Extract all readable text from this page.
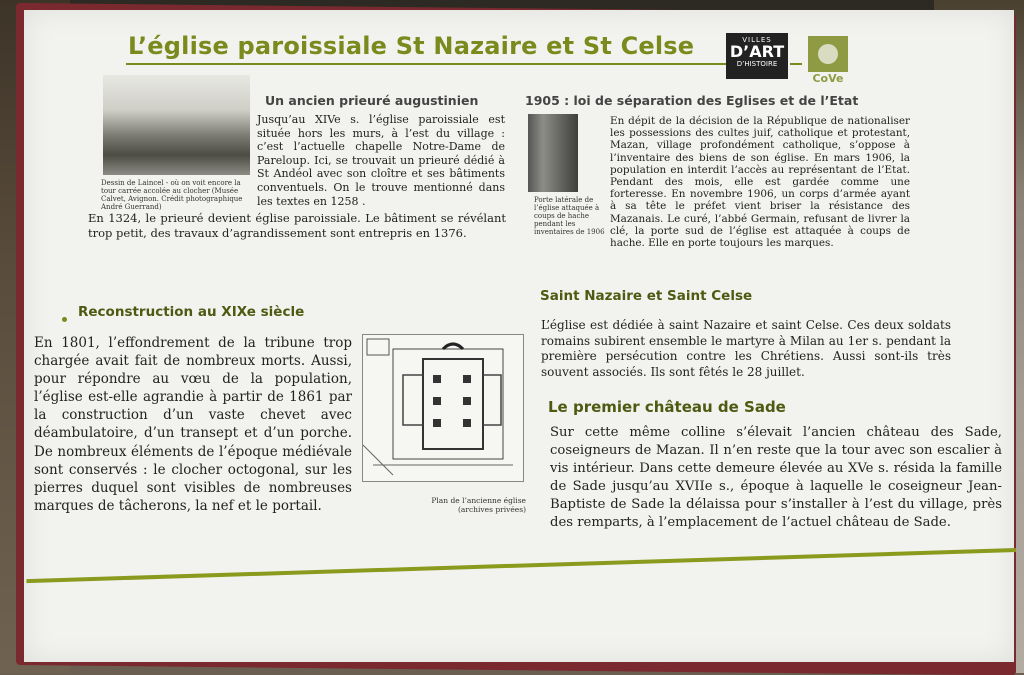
L’église paroissiale St Nazaire et St Celse	VILLES
D’ART
D’HISTOIRE
CoVe
Dessin de Laincel - où on voit encore la tour carrée accolée au clocher (Musée Calvet, Avignon. Crédit photographique André Guerrand)
Un ancien prieuré augustinien
Jusqu’au XIVe s. l’église paroissiale est située hors les murs, à l’est du village : c’est l’actuelle chapelle Notre-Dame de Pareloup. Ici, se trouvait un prieuré dédié à St Andéol avec son cloître et ses bâtiments conventuels. On le trouve mentionné dans les textes en 1258 .
En 1324, le prieuré devient église paroissiale. Le bâtiment se révélant trop petit, des travaux d’agrandissement sont entrepris en 1376.
1905 : loi de séparation des Eglises et de l’Etat
Porte latérale de l’église attaquée à coups de hache pendant les inventaires de 1906
En dépit de la décision de la République de nationaliser les possessions des cultes juif, catholique et protestant, Mazan, village profondément catholique, s’oppose à l’inventaire des biens de son église. En mars 1906, la population en interdit l’accès au représentant de l’Etat. Pendant des mois, elle est gardée comme une forteresse. En novembre 1906, un corps d’armée ayant à sa tête le préfet vient briser la résistance des Mazanais. Le curé, l’abbé Germain, refusant de livrer la clé, la porte sud de l’église est attaquée à coups de hache. Elle en porte toujours les marques.
Reconstruction au XIXe siècle
En 1801, l’effondrement de la tribune trop chargée avait fait de nombreux morts. Aussi, pour répondre au vœu de la population, l’église est-elle agrandie à partir de 1861 par la construction d’un vaste chevet avec déambulatoire, d’un transept et d’un porche. De nombreux éléments de l’époque médiévale sont conservés : le clocher octogonal, sur les pierres duquel sont visibles de nombreuses marques de tâcherons, la nef et le portail.	Plan de l’ancienne église (archives privées)
Saint Nazaire et Saint Celse
L’église est dédiée à saint Nazaire et saint Celse. Ces deux soldats romains subirent ensemble le martyre à Milan au 1er s. pendant la première persécution contre les Chrétiens. Aussi sont-ils très souvent associés. Ils sont fêtés le 28 juillet.
Le premier château de Sade
Sur cette même colline s’élevait l’ancien château des Sade, coseigneurs de Mazan. Il n’en reste que la tour avec son escalier à vis intérieur. Dans cette demeure élevée au XVe s. résida la famille de Sade jusqu’au XVIIe s., époque à laquelle le coseigneur Jean-Baptiste de Sade la délaissa pour s’installer à l’est du village, près des remparts, à l’emplacement de l’actuel château de Sade.
